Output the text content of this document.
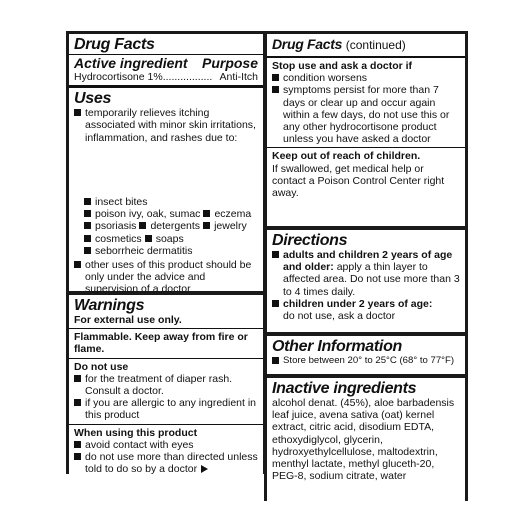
Drug Facts
Active ingredient Purpose
Hydrocortisone 1% ................. Anti-Itch
Uses
temporarily relieves itching associated with minor skin irritations, inflammation, and rashes due to:
insect bites
poison ivy, oak, sumac eczema
psoriasis detergents jewelry
cosmetics soaps
seborrheic dermatitis
other uses of this product should be only under the advice and supervision of a doctor
Warnings
For external use only.
Flammable. Keep away from fire or flame.
Do not use
for the treatment of diaper rash. Consult a doctor.
if you are allergic to any ingredient in this product
When using this product
avoid contact with eyes
do not use more than directed unless told to do so by a doctor
Drug Facts (continued)
Stop use and ask a doctor if
condition worsens
symptoms persist for more than 7 days or clear up and occur again within a few days, do not use this or any other hydrocortisone product unless you have asked a doctor
Keep out of reach of children.
If swallowed, get medical help or contact a Poison Control Center right away.
Directions
adults and children 2 years of age and older: apply a thin layer to affected area. Do not use more than 3 to 4 times daily.
children under 2 years of age:
do not use, ask a doctor
Other Information
Store between 20° to 25°C (68° to 77°F)
Inactive ingredients
alcohol denat. (45%), aloe barbadensis leaf juice, avena sativa (oat) kernel extract, citric acid, disodium EDTA, ethoxydiglycol, glycerin, hydroxyethylcellulose, maltodextrin, menthyl lactate, methyl gluceth-20, PEG-8, sodium citrate, water
